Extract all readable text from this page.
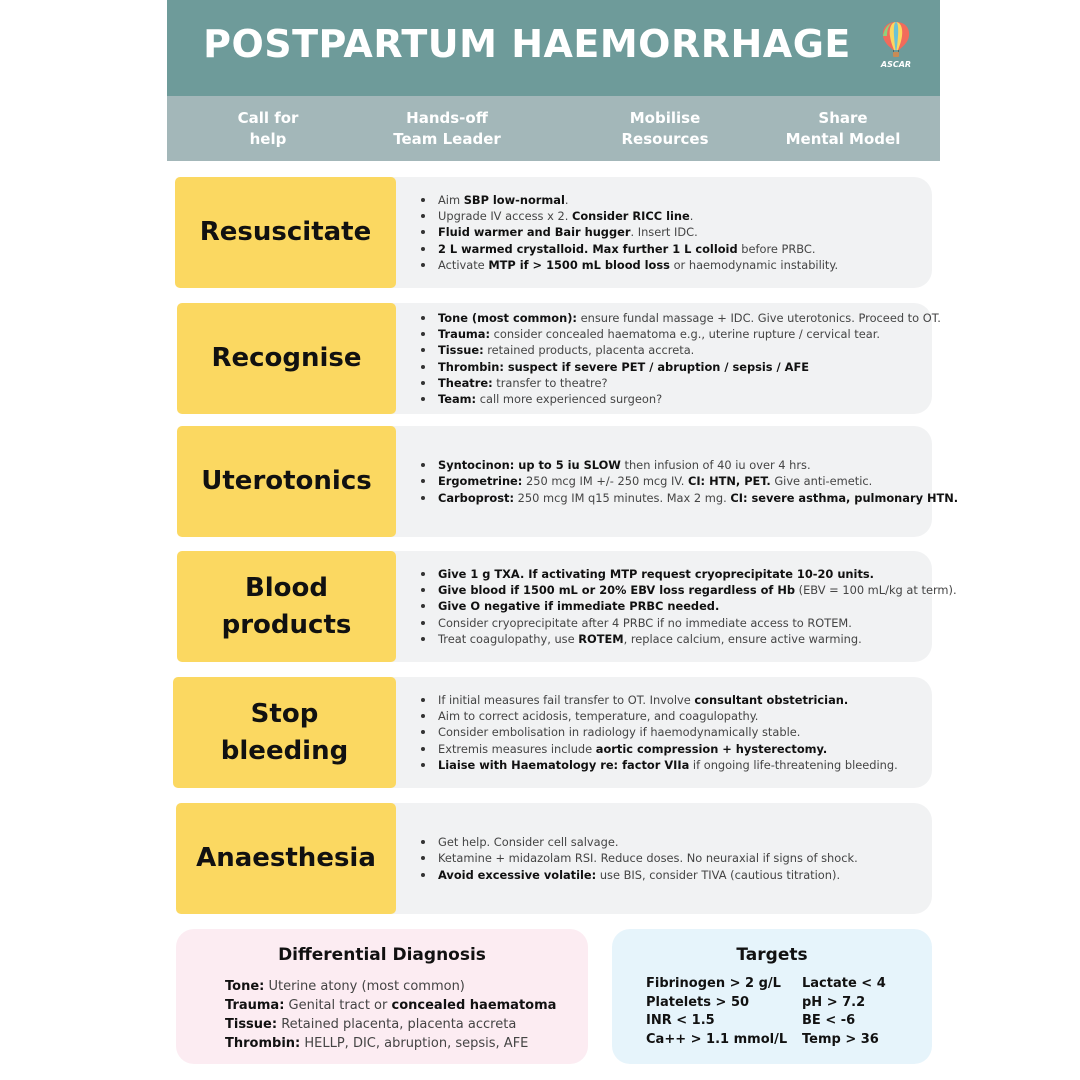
POSTPARTUM HAEMORRHAGE	ASCAR
Call for
help
Hands-off
Team Leader
Mobilise
Resources
Share
Mental Model
Resuscitate
Aim SBP low-normal.
Upgrade IV access x 2. Consider RICC line.
Fluid warmer and Bair hugger. Insert IDC.
2 L warmed crystalloid. Max further 1 L colloid before PRBC.
Activate MTP if > 1500 mL blood loss or haemodynamic instability.
Recognise
Tone (most common): ensure fundal massage + IDC. Give uterotonics. Proceed to OT.
Trauma: consider concealed haematoma e.g., uterine rupture / cervical tear.
Tissue: retained products, placenta accreta.
Thrombin: suspect if severe PET / abruption / sepsis / AFE
Theatre: transfer to theatre?
Team: call more experienced surgeon?
Uterotonics
Syntocinon: up to 5 iu SLOW then infusion of 40 iu over 4 hrs.
Ergometrine: 250 mcg IM +/- 250 mcg IV. CI: HTN, PET. Give anti-emetic.
Carboprost: 250 mcg IM q15 minutes. Max 2 mg. CI: severe asthma, pulmonary HTN.
Blood
products
Give 1 g TXA. If activating MTP request cryoprecipitate 10-20 units.
Give blood if 1500 mL or 20% EBV loss regardless of Hb (EBV = 100 mL/kg at term).
Give O negative if immediate PRBC needed.
Consider cryoprecipitate after 4 PRBC if no immediate access to ROTEM.
Treat coagulopathy, use ROTEM, replace calcium, ensure active warming.
Stop
bleeding
If initial measures fail transfer to OT. Involve consultant obstetrician.
Aim to correct acidosis, temperature, and coagulopathy.
Consider embolisation in radiology if haemodynamically stable.
Extremis measures include aortic compression + hysterectomy.
Liaise with Haematology re: factor VIIa if ongoing life-threatening bleeding.
Anaesthesia
Get help. Consider cell salvage.
Ketamine + midazolam RSI. Reduce doses. No neuraxial if signs of shock.
Avoid excessive volatile: use BIS, consider TIVA (cautious titration).
Differential Diagnosis
Tone: Uterine atony (most common)
Trauma: Genital tract or concealed haematoma
Tissue: Retained placenta, placenta accreta
Thrombin: HELLP, DIC, abruption, sepsis, AFE
Targets
Fibrinogen > 2 g/L
Platelets > 50
INR < 1.5
Ca++ > 1.1 mmol/L
Lactate < 4
pH > 7.2
BE < -6
Temp > 36
